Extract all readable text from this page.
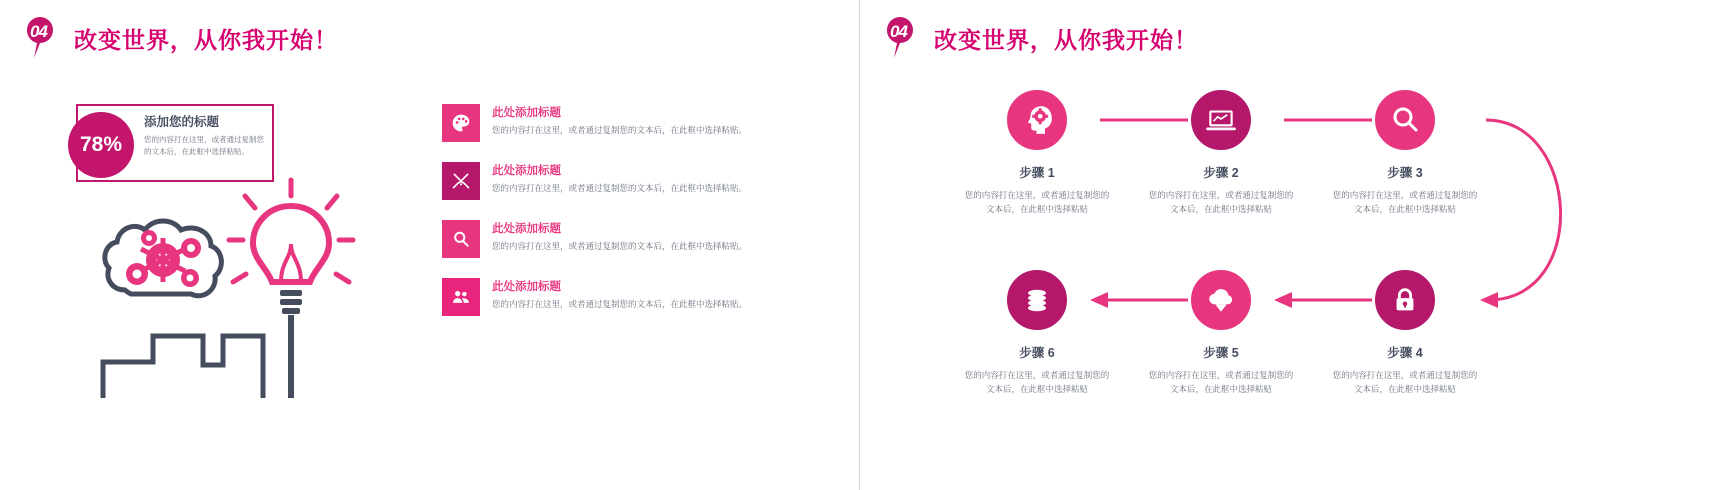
04 改变世界，从你我开始！
78%
添加您的标题
您的内容打在这里，或者通过复制您的文本后，在此框中选择粘贴。
此处添加标题
您的内容打在这里，或者通过复制您的文本后，在此框中选择粘贴。
此处添加标题
您的内容打在这里，或者通过复制您的文本后，在此框中选择粘贴。
此处添加标题
您的内容打在这里，或者通过复制您的文本后，在此框中选择粘贴。
此处添加标题
您的内容打在这里，或者通过复制您的文本后，在此框中选择粘贴。
04 改变世界，从你我开始！
步骤 1
您的内容打在这里，或者通过复制您的文本后，在此框中选择粘贴
步骤 2
您的内容打在这里，或者通过复制您的文本后，在此框中选择粘贴
步骤 3
您的内容打在这里，或者通过复制您的文本后，在此框中选择粘贴
步骤 4
您的内容打在这里，或者通过复制您的文本后，在此框中选择粘贴
步骤 5
您的内容打在这里，或者通过复制您的文本后，在此框中选择粘贴
步骤 6
您的内容打在这里，或者通过复制您的文本后，在此框中选择粘贴
